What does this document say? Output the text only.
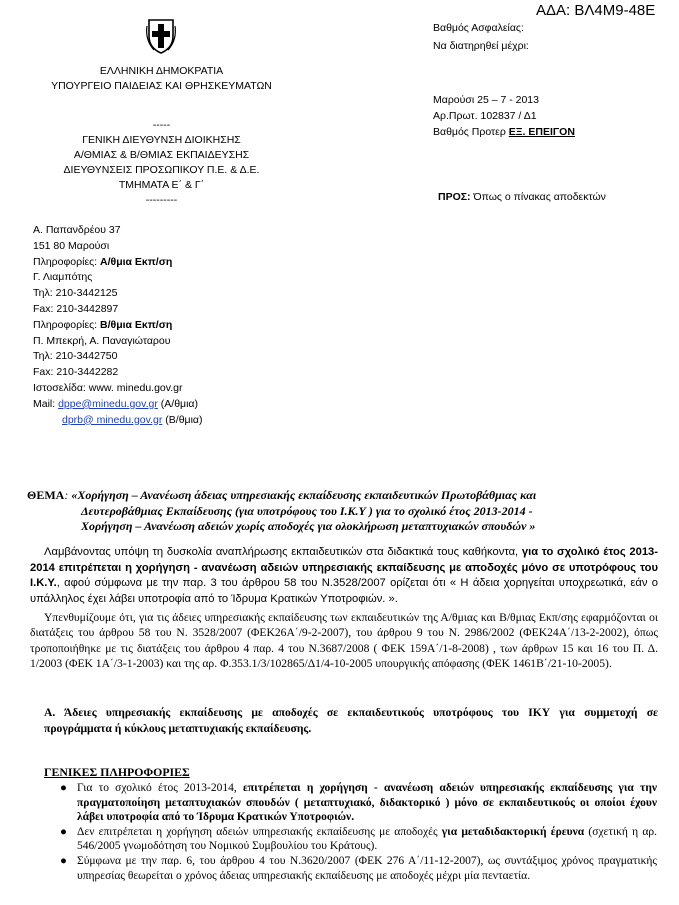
ΑΔΑ: ΒΛ4Μ9-48Ε
Βαθμός Ασφαλείας:
Να διατηρηθεί μέχρι:
ΕΛΛΗΝΙΚΗ ΔΗΜΟΚΡΑΤΙΑ
ΥΠΟΥΡΓΕΙΟ ΠΑΙΔΕΙΑΣ ΚΑΙ ΘΡΗΣΚΕΥΜΑΤΩΝ
-----
ΓΕΝΙΚΗ ΔΙΕΥΘΥΝΣΗ ΔΙΟΙΚΗΣΗΣ
Α/ΘΜΙΑΣ & Β/ΘΜΙΑΣ ΕΚΠΑΙΔΕΥΣΗΣ
ΔΙΕΥΘΥΝΣΕΙΣ ΠΡΟΣΩΠΙΚΟΥ Π.Ε. & Δ.Ε.
ΤΜΗΜΑΤΑ Ε΄ & Γ΄
---------
Μαρούσι 25 – 7 - 2013
Αρ.Πρωτ. 102837 / Δ1
Βαθμός Προτερ ΕΞ. ΕΠΕΙΓΟΝ
ΠΡΟΣ: Όπως ο πίνακας αποδεκτών
Α. Παπανδρέου 37
151 80 Μαρούσι
Πληροφορίες: Α/θμια Εκπ/ση
Γ. Λιαμπότης
Τηλ: 210-3442125
Fax: 210-3442897
Πληροφορίες: Β/θμια Εκπ/ση
Π. Μπεκρή, Α. Παναγιώταρου
Τηλ: 210-3442750
Fax: 210-3442282
Ιστοσελίδα: www. minedu.gov.gr
Mail: dppe@minedu.gov.gr (Α/θμια)
dprb@ minedu.gov.gr (Β/θμια)
ΘΕΜΑ: «Χορήγηση – Ανανέωση άδειας υπηρεσιακής εκπαίδευσης εκπαιδευτικών Πρωτοβάθμιας και
Δευτεροβάθμιας Εκπαίδευσης (για υποτρόφους του Ι.Κ.Υ ) για το σχολικό έτος 2013-2014 -
Χορήγηση – Ανανέωση αδειών χωρίς αποδοχές για ολοκλήρωση μεταπτυχιακών σπουδών »
Λαμβάνοντας υπόψη τη δυσκολία αναπλήρωσης εκπαιδευτικών στα διδακτικά τους καθήκοντα, για το σχολικό έτος 2013-2014 επιτρέπεται η χορήγηση - ανανέωση αδειών υπηρεσιακής εκπαίδευσης με αποδοχές μόνο σε υποτρόφους του Ι.Κ.Υ., αφού σύμφωνα με την παρ. 3 του άρθρου 58 του Ν.3528/2007 ορίζεται ότι « Η άδεια χορηγείται υποχρεωτικά, εάν ο υπάλληλος έχει λάβει υποτροφία από το Ίδρυμα Κρατικών Υποτροφιών. ».
Υπενθυμίζουμε ότι, για τις άδειες υπηρεσιακής εκπαίδευσης των εκπαιδευτικών της Α/θμιας και Β/θμιας Εκπ/σης εφαρμόζονται οι διατάξεις του άρθρου 58 του Ν. 3528/2007 (ΦΕΚ26Α΄/9-2-2007), του άρθρου 9 του Ν. 2986/2002 (ΦΕΚ24Α΄/13-2-2002), όπως τροποποιήθηκε με τις διατάξεις του άρθρου 4 παρ. 4 του Ν.3687/2008 ( ΦΕΚ 159Α΄/1-8-2008) , των άρθρων 15 και 16 του Π. Δ. 1/2003 (ΦΕΚ 1Α΄/3-1-2003) και της αρ. Φ.353.1/3/102865/Δ1/4-10-2005 υπουργικής απόφασης (ΦΕΚ 1461Β΄/21-10-2005).
Α. Άδειες υπηρεσιακής εκπαίδευσης με αποδοχές σε εκπαιδευτικούς υποτρόφους του ΙΚΥ για συμμετοχή σε
προγράμματα ή κύκλους μεταπτυχιακής εκπαίδευσης.
ΓΕΝΙΚΕΣ ΠΛΗΡΟΦΟΡΙΕΣ
● Για το σχολικό έτος 2013-2014, επιτρέπεται η χορήγηση - ανανέωση αδειών υπηρεσιακής εκπαίδευσης για την πραγματοποίηση μεταπτυχιακών σπουδών ( μεταπτυχιακό, διδακτορικό ) μόνο σε εκπαιδευτικούς οι οποίοι έχουν λάβει υποτροφία από το Ίδρυμα Κρατικών Υποτροφιών.
● Δεν επιτρέπεται η χορήγηση αδειών υπηρεσιακής εκπαίδευσης με αποδοχές για μεταδιδακτορική έρευνα (σχετική η αρ. 546/2005 γνωμοδότηση του Νομικού Συμβουλίου του Κράτους).
● Σύμφωνα με την παρ. 6, του άρθρου 4 του Ν.3620/2007 (ΦΕΚ 276 Α΄/11-12-2007), ως συντάξιμος χρόνος πραγματικής υπηρεσίας θεωρείται ο χρόνος άδειας υπηρεσιακής εκπαίδευσης με αποδοχές μέχρι μία πενταετία.
